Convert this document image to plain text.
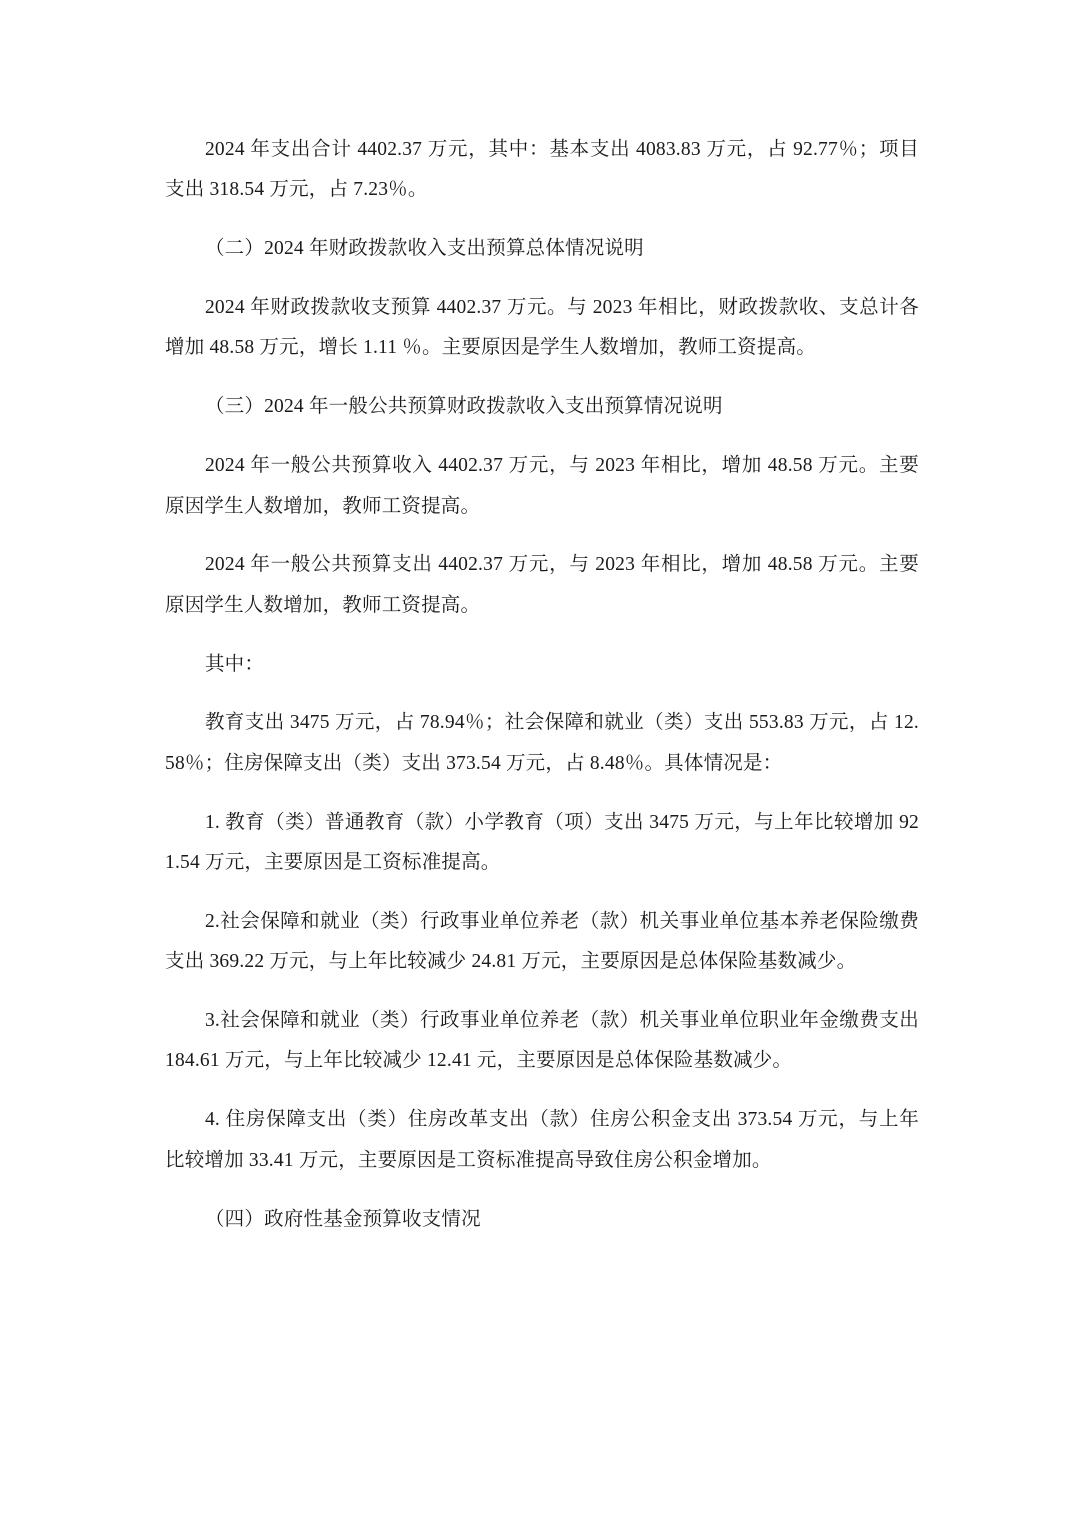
2024 年支出合计 4402.37 万元，其中：基本支出 4083.83 万元，占 92.77％；项目支出 318.54 万元，占 7.23％。

（二）2024 年财政拨款收入支出预算总体情况说明

2024 年财政拨款收支预算 4402.37 万元。与 2023 年相比，财政拨款收、支总计各增加 48.58 万元，增长 1.11 ％。主要原因是学生人数增加，教师工资提高。

（三）2024 年一般公共预算财政拨款收入支出预算情况说明

2024 年一般公共预算收入 4402.37 万元，与 2023 年相比，增加 48.58 万元。主要原因学生人数增加，教师工资提高。

2024 年一般公共预算支出 4402.37 万元，与 2023 年相比，增加 48.58 万元。主要原因学生人数增加，教师工资提高。

其中：

教育支出 3475 万元，占 78.94％；社会保障和就业（类）支出 553.83 万元，占 12.58％；住房保障支出（类）支出 373.54 万元，占 8.48％。具体情况是：

1. 教育（类）普通教育（款）小学教育（项）支出 3475 万元，与上年比较增加 921.54 万元，主要原因是工资标准提高。

2.社会保障和就业（类）行政事业单位养老（款）机关事业单位基本养老保险缴费支出 369.22 万元，与上年比较减少 24.81 万元，主要原因是总体保险基数减少。

3.社会保障和就业（类）行政事业单位养老（款）机关事业单位职业年金缴费支出 184.61 万元，与上年比较减少 12.41 元，主要原因是总体保险基数减少。

4. 住房保障支出（类）住房改革支出（款）住房公积金支出 373.54 万元，与上年比较增加 33.41 万元，主要原因是工资标准提高导致住房公积金增加。

（四）政府性基金预算收支情况
